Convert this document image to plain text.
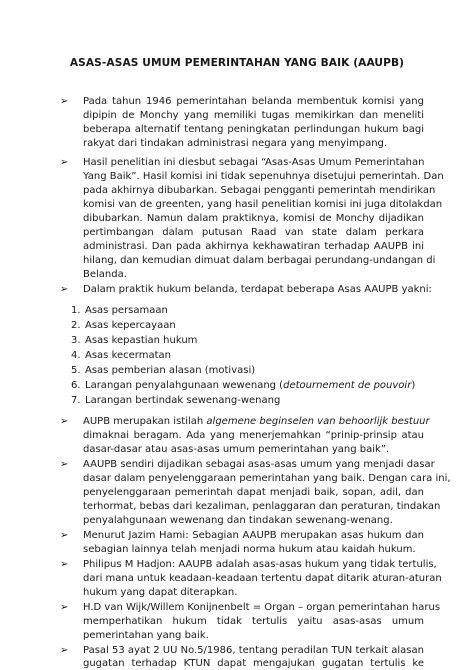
ASAS-ASAS UMUM PEMERINTAHAN YANG BAIK (AAUPB)
➢ Pada tahun 1946 pemerintahan belanda membentuk komisi yang
dipipin de Monchy yang memiliki tugas memikirkan dan meneliti
beberapa alternatif tentang peningkatan perlindungan hukum bagi
rakyat dari tindakan administrasi negara yang menyimpang.
➢ Hasil penelitian ini diesbut sebagai “Asas-Asas Umum Pemerintahan
Yang Baik”. Hasil komisi ini tidak sepenuhnya disetujui pemerintah. Dan
pada akhirnya dibubarkan. Sebagai pengganti pemerintah mendirikan
komisi van de greenten, yang hasil penelitian komisi ini juga ditolakdan
dibubarkan. Namun dalam praktiknya, komisi de Monchy dijadikan
pertimbangan dalam putusan Raad van state dalam perkara
administrasi. Dan pada akhirnya kekhawatiran terhadap AAUPB ini
hilang, dan kemudian dimuat dalam berbagai perundang-undangan di
Belanda.
➢ Dalam praktik hukum belanda, terdapat beberapa Asas AAUPB yakni:
1. Asas persamaan
2. Asas kepercayaan
3. Asas kepastian hukum
4. Asas kecermatan
5. Asas pemberian alasan (motivasi)
6. Larangan penyalahgunaan wewenang (detournement de pouvoir)
7. Larangan bertindak sewenang-wenang
➢ AUPB merupakan istilah algemene beginselen van behoorlijk bestuur
dimaknai beragam. Ada yang menerjemahkan “prinip-prinsip atau
dasar-dasar atau asas-asas umum pemerintahan yang baik”.
➢ AAUPB sendiri dijadikan sebagai asas-asas umum yang menjadi dasar
dasar dalam penyelenggaraan pemerintahan yang baik. Dengan cara ini,
penyelenggaraan pemerintah dapat menjadi baik, sopan, adil, dan
terhormat, bebas dari kezaliman, penlaggaran dan peraturan, tindakan
penyalahgunaan wewenang dan tindakan sewenang-wenang.
➢ Menurut Jazim Hami: Sebagian AAUPB merupakan asas hukum dan
sebagian lainnya telah menjadi norma hukum atau kaidah hukum.
➢ Philipus M Hadjon: AAUPB adalah asas-asas hukum yang tidak tertulis,
dari mana untuk keadaan-keadaan tertentu dapat ditarik aturan-aturan
hukum yang dapat diterapkan.
➢ H.D van Wijk/Willem Konijnenbelt = Organ – organ pemerintahan harus
memperhatikan hukum tidak tertulis yaitu asas-asas umum
pemerintahan yang baik.
➢ Pasal 53 ayat 2 UU No.5/1986, tentang peradilan TUN terkait alasan
gugatan terhadap KTUN dapat mengajukan gugatan tertulis ke
